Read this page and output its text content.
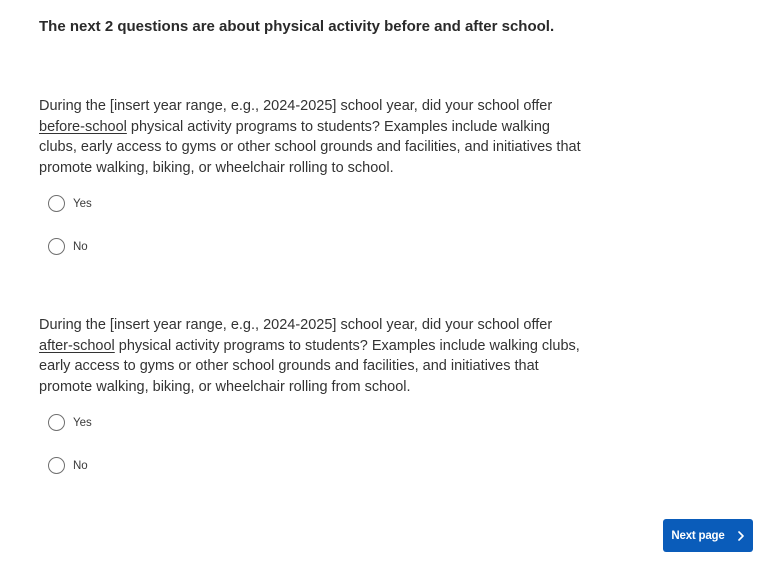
The next 2 questions are about physical activity before and after school.

During the [insert year range, e.g., 2024-2025] school year, did your school offer before-school physical activity programs to students? Examples include walking clubs, early access to gyms or other school grounds and facilities, and initiatives that promote walking, biking, or wheelchair rolling to school.

Yes
No

During the [insert year range, e.g., 2024-2025] school year, did your school offer after-school physical activity programs to students? Examples include walking clubs, early access to gyms or other school grounds and facilities, and initiatives that promote walking, biking, or wheelchair rolling from school.

Yes
No
Next page
